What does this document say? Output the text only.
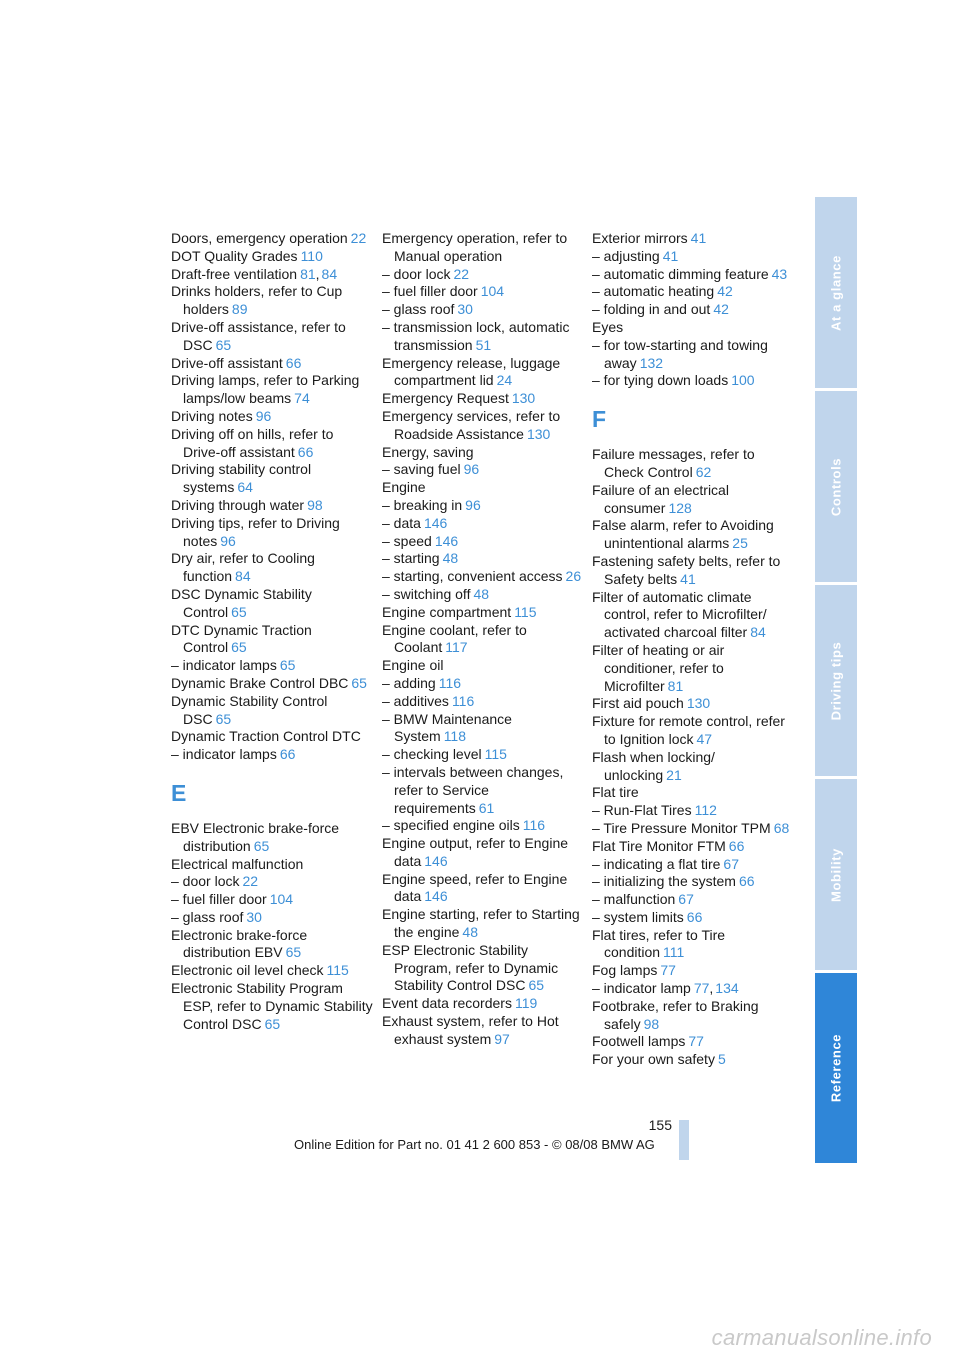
Doors, emergency operation 22
DOT Quality Grades 110
Draft-free ventilation 81, 84
Drinks holders, refer to Cup holders 89
Drive-off assistance, refer to DSC 65
Drive-off assistant 66
Driving lamps, refer to Parking lamps/low beams 74
Driving notes 96
Driving off on hills, refer to Drive-off assistant 66
Driving stability control systems 64
Driving through water 98
Driving tips, refer to Driving notes 96
Dry air, refer to Cooling function 84
DSC Dynamic Stability Control 65
DTC Dynamic Traction Control 65
– indicator lamps 65
Dynamic Brake Control DBC 65
Dynamic Stability Control DSC 65
Dynamic Traction Control DTC
– indicator lamps 66
E
EBV Electronic brake-force distribution 65
Electrical malfunction
– door lock 22
– fuel filler door 104
– glass roof 30
Electronic brake-force distribution EBV 65
Electronic oil level check 115
Electronic Stability Program ESP, refer to Dynamic Stability Control DSC 65
Emergency operation, refer to Manual operation
– door lock 22
– fuel filler door 104
– glass roof 30
– transmission lock, automatic transmission 51
Emergency release, luggage compartment lid 24
Emergency Request 130
Emergency services, refer to Roadside Assistance 130
Energy, saving
– saving fuel 96
Engine
– breaking in 96
– data 146
– speed 146
– starting 48
– starting, convenient access 26
– switching off 48
Engine compartment 115
Engine coolant, refer to Coolant 117
Engine oil
– adding 116
– additives 116
– BMW Maintenance System 118
– checking level 115
– intervals between changes, refer to Service requirements 61
– specified engine oils 116
Engine output, refer to Engine data 146
Engine speed, refer to Engine data 146
Engine starting, refer to Starting the engine 48
ESP Electronic Stability Program, refer to Dynamic Stability Control DSC 65
Event data recorders 119
Exhaust system, refer to Hot exhaust system 97
Exterior mirrors 41
– adjusting 41
– automatic dimming feature 43
– automatic heating 42
– folding in and out 42
Eyes
– for tow-starting and towing away 132
– for tying down loads 100
F
Failure messages, refer to Check Control 62
Failure of an electrical consumer 128
False alarm, refer to Avoiding unintentional alarms 25
Fastening safety belts, refer to Safety belts 41
Filter of automatic climate control, refer to Microfilter/ activated charcoal filter 84
Filter of heating or air conditioner, refer to Microfilter 81
First aid pouch 130
Fixture for remote control, refer to Ignition lock 47
Flash when locking/ unlocking 21
Flat tire
– Run-Flat Tires 112
– Tire Pressure Monitor TPM 68
Flat Tire Monitor FTM 66
– indicating a flat tire 67
– initializing the system 66
– malfunction 67
– system limits 66
Flat tires, refer to Tire condition 111
Fog lamps 77
– indicator lamp 77, 134
Footbrake, refer to Braking safely 98
Footwell lamps 77
For your own safety 5
At a glance
Controls
Driving tips
Mobility
Reference
155
Online Edition for Part no. 01 41 2 600 853 - © 08/08 BMW AG
carmanualsonline.info
